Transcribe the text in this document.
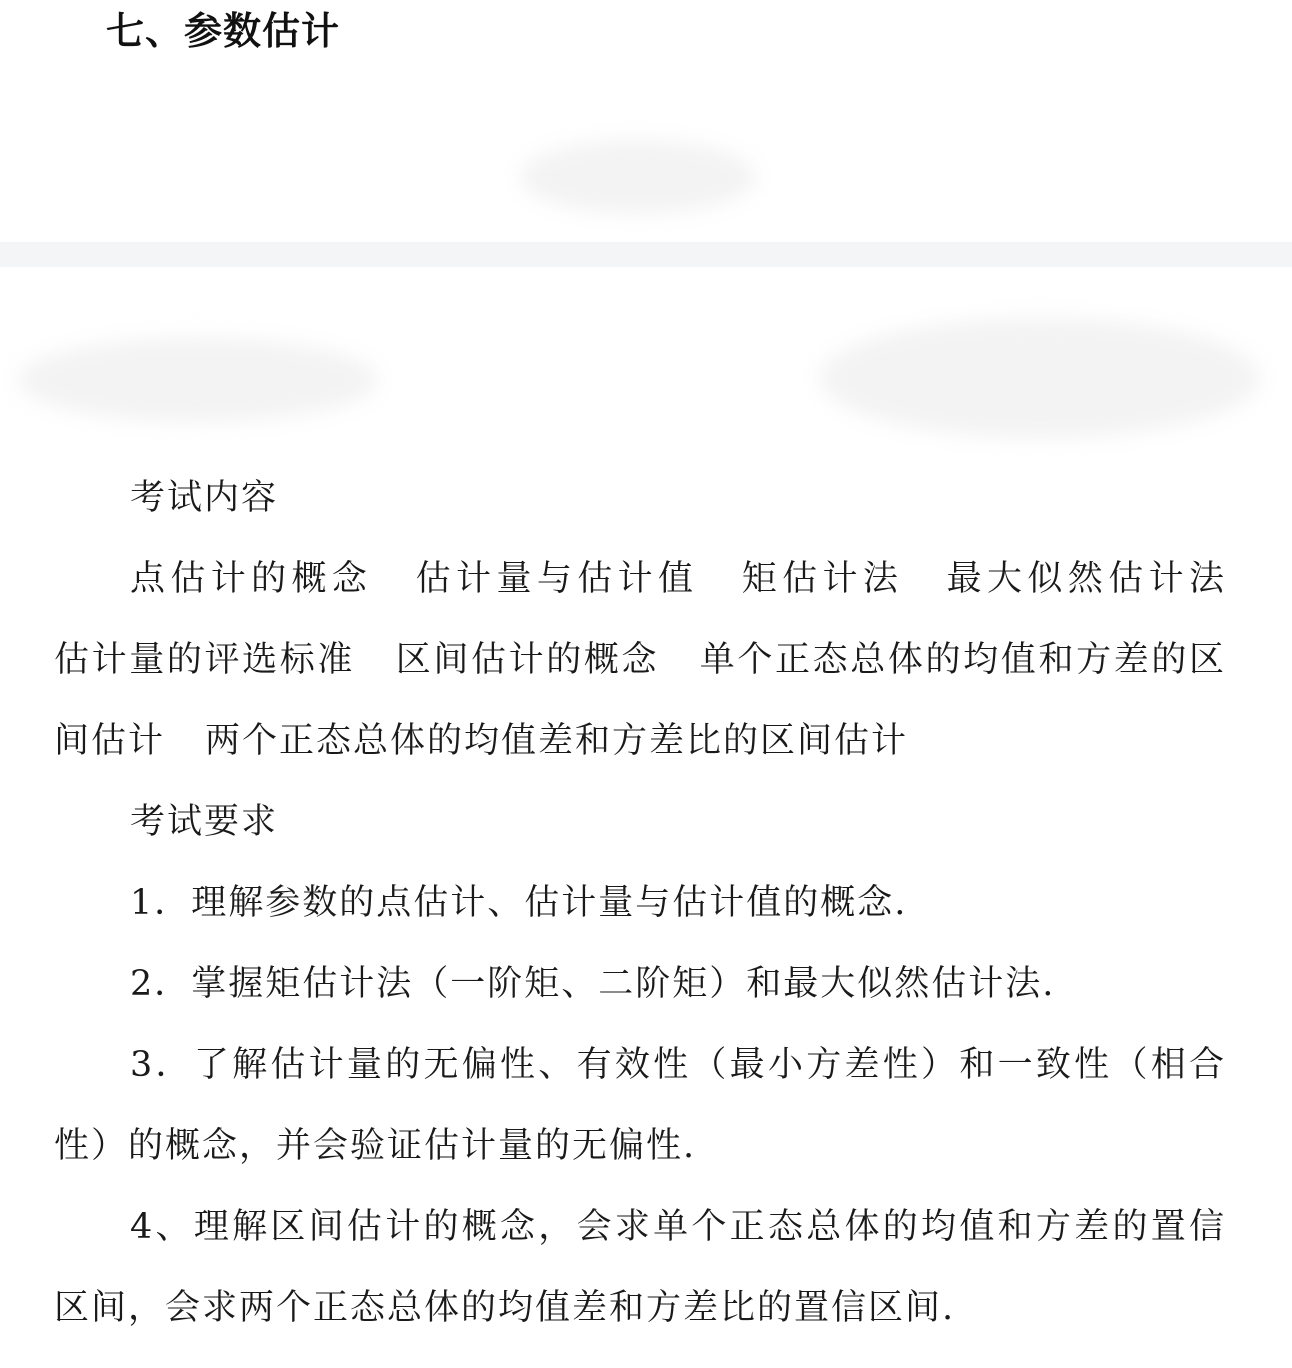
七、参数估计

考试内容

点估计的概念 估计量与估计值 矩估计法 最大似然估计法 估计量的评选标准 区间估计的概念 单个正态总体的均值和方差的区间估计 两个正态总体的均值差和方差比的区间估计

考试要求

1．理解参数的点估计、估计量与估计值的概念.

2．掌握矩估计法（一阶矩、二阶矩）和最大似然估计法.

3．了解估计量的无偏性、有效性（最小方差性）和一致性（相合性）的概念，并会验证估计量的无偏性.

4、理解区间估计的概念，会求单个正态总体的均值和方差的置信区间，会求两个正态总体的均值差和方差比的置信区间.
